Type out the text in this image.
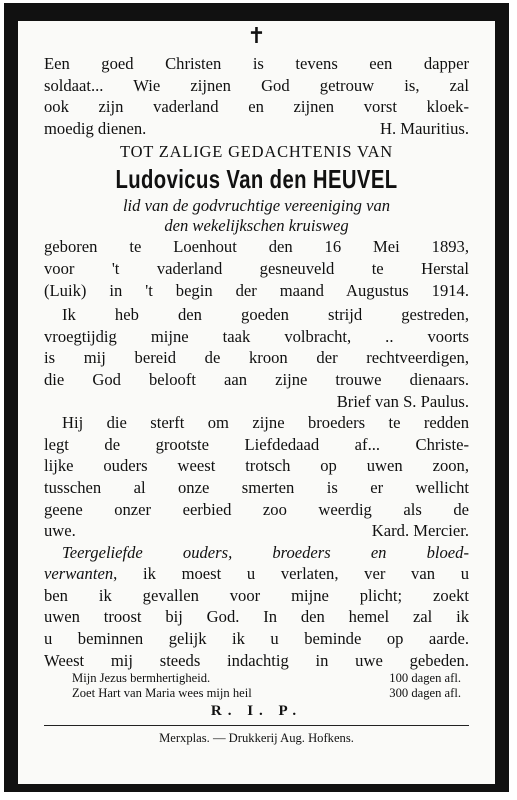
✝
Een goed Christen is tevens een dapper
soldaat... Wie zijnen God getrouw is, zal
ook zijn vaderland en zijnen vorst kloek-
moedig dienen.	H. Mauritius.
TOT ZALIGE GEDACHTENIS VAN
Ludovicus Van den HEUVEL
lid van de godvruchtige vereeniging van
den wekelijkschen kruisweg
geboren te Loenhout den 16 Mei 1893,
voor 't vaderland gesneuveld te Herstal
(Luik) in 't begin der maand Augustus 1914.
Ik heb den goeden strijd gestreden,
vroegtijdig mijne taak volbracht, .. voorts
is mij bereid de kroon der rechtveerdigen,
die God belooft aan zijne trouwe dienaars.
Brief van S. Paulus.
Hij die sterft om zijne broeders te redden
legt de grootste Liefdedaad af... Christe-
lijke ouders weest trotsch op uwen zoon,
tusschen al onze smerten is er wellicht
geene onzer eerbied zoo weerdig als de
uwe.	Kard. Mercier.
Teergeliefde ouders, broeders en bloed-
verwanten, ik moest u verlaten, ver van u
ben ik gevallen voor mijne plicht; zoekt
uwen troost bij God. In den hemel zal ik
u beminnen gelijk ik u beminde op aarde.
Weest mij steeds indachtig in uwe gebeden.
Mijn Jezus bermhertigheid.	100 dagen afl.
Zoet Hart van Maria wees mijn heil	300 dagen afl.
R. I. P.
Merxplas. — Drukkerij Aug. Hofkens.
